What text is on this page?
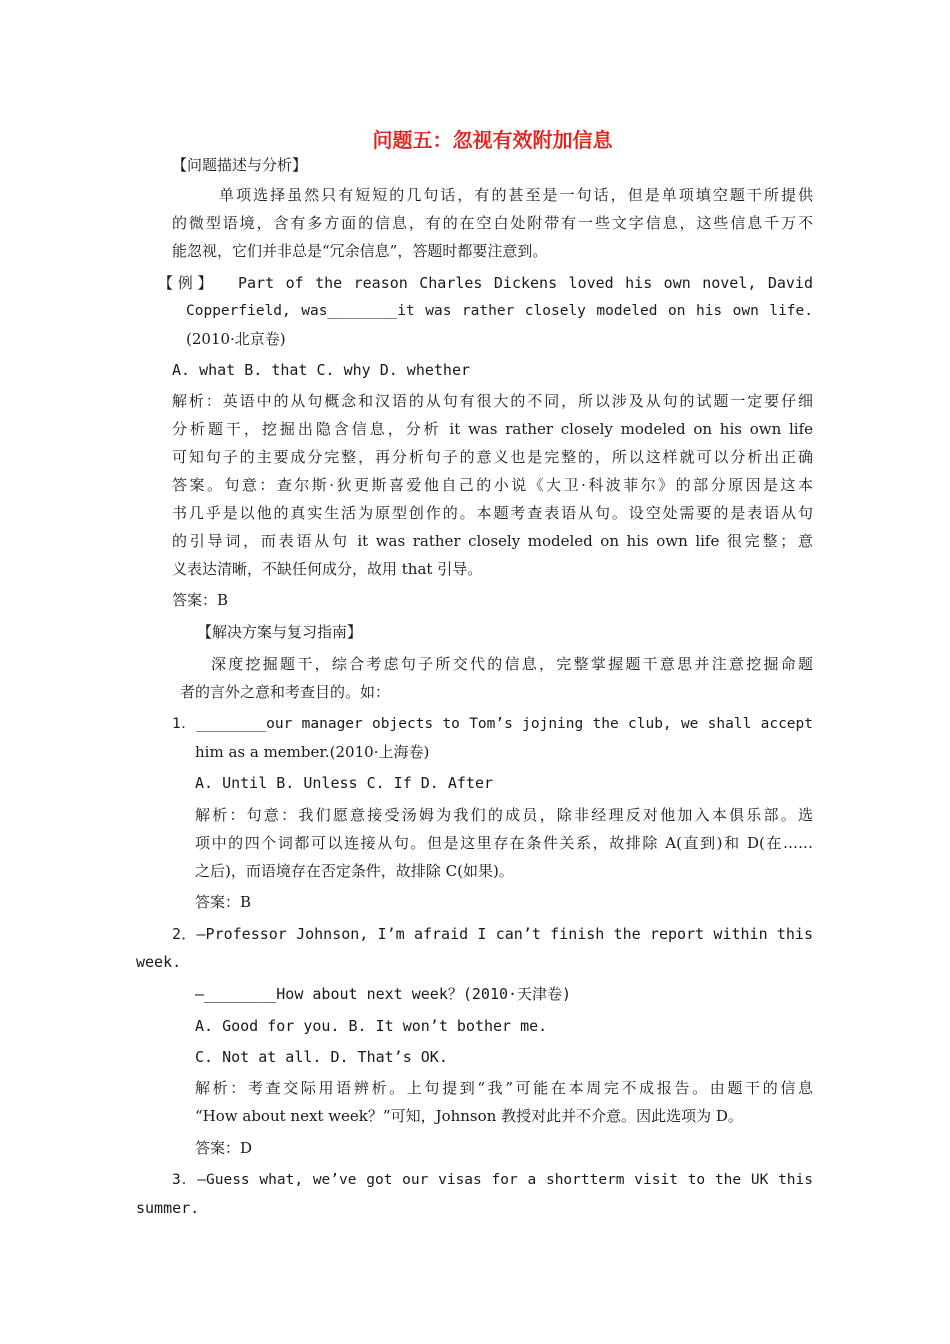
问题五：忽视有效附加信息
【问题描述与分析】
单项选择虽然只有短短的几句话，有的甚至是一句话，但是单项填空题干所提供
的微型语境，含有多方面的信息，有的在空白处附带有一些文字信息，这些信息千万不
能忽视，它们并非总是“冗余信息”，答题时都要注意到。
【 例 】 Part of the reason Charles Dickens loved his own novel, David
Copperfield, was________it was rather closely modeled on his own life.
(2010·北京卷)
A. what B. that C. why D. whether
解析：英语中的从句概念和汉语的从句有很大的不同，所以涉及从句的试题一定要仔细
分析题干，挖掘出隐含信息，分析 it was rather closely modeled on his own life
可知句子的主要成分完整，再分析句子的意义也是完整的，所以这样就可以分析出正确
答案。句意：查尔斯·狄更斯喜爱他自己的小说《大卫·科波菲尔》的部分原因是这本
书几乎是以他的真实生活为原型创作的。本题考查表语从句。设空处需要的是表语从句
的引导词，而表语从句 it was rather closely modeled on his own life 很完整；意
义表达清晰，不缺任何成分，故用 that 引导。
答案：B
【解决方案与复习指南】
深度挖掘题干，综合考虑句子所交代的信息，完整掌握题干意思并注意挖掘命题
者的言外之意和考查目的。如：
1．________our manager objects to Tom’s jojning the club, we shall accept
him as a member.(2010·上海卷)
A. Until B. Unless C. If D. After
解析：句意：我们愿意接受汤姆为我们的成员，除非经理反对他加入本俱乐部。选
项中的四个词都可以连接从句。但是这里存在条件关系，故排除 A(直到)和 D(在……
之后)，而语境存在否定条件，故排除 C(如果)。
答案：B
2．—Professor Johnson, I’m afraid I can’t finish the report within this
week.
—________How about next week？(2010·天津卷)
A. Good for you. B. It won’t bother me.
C. Not at all. D. That’s OK.
解析：考查交际用语辨析。上句提到“我”可能在本周完不成报告。由题干的信息
“How about next week？”可知，Johnson 教授对此并不介意。因此选项为 D。
答案：D
3．—Guess what, we’ve got our visas for a shortterm visit to the UK this
summer.
